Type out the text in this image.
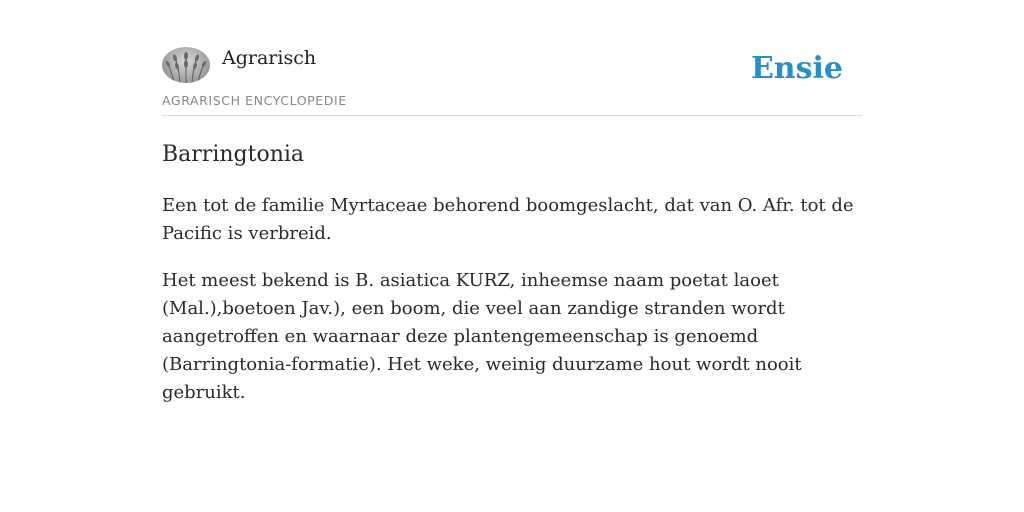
Agrarisch
AGRARISCH ENCYCLOPEDIE
Ensie
Barringtonia

Een tot de familie Myrtaceae behorend boomgeslacht, dat van O. Afr. tot de Pacific is verbreid.

Het meest bekend is B. asiatica KURZ, inheemse naam poetat laoet (Mal.),boetoen Jav.), een boom, die veel aan zandige stranden wordt aangetroffen en waarnaar deze plantengemeenschap is genoemd (Barringtonia-formatie). Het weke, weinig duurzame hout wordt nooit gebruikt.
